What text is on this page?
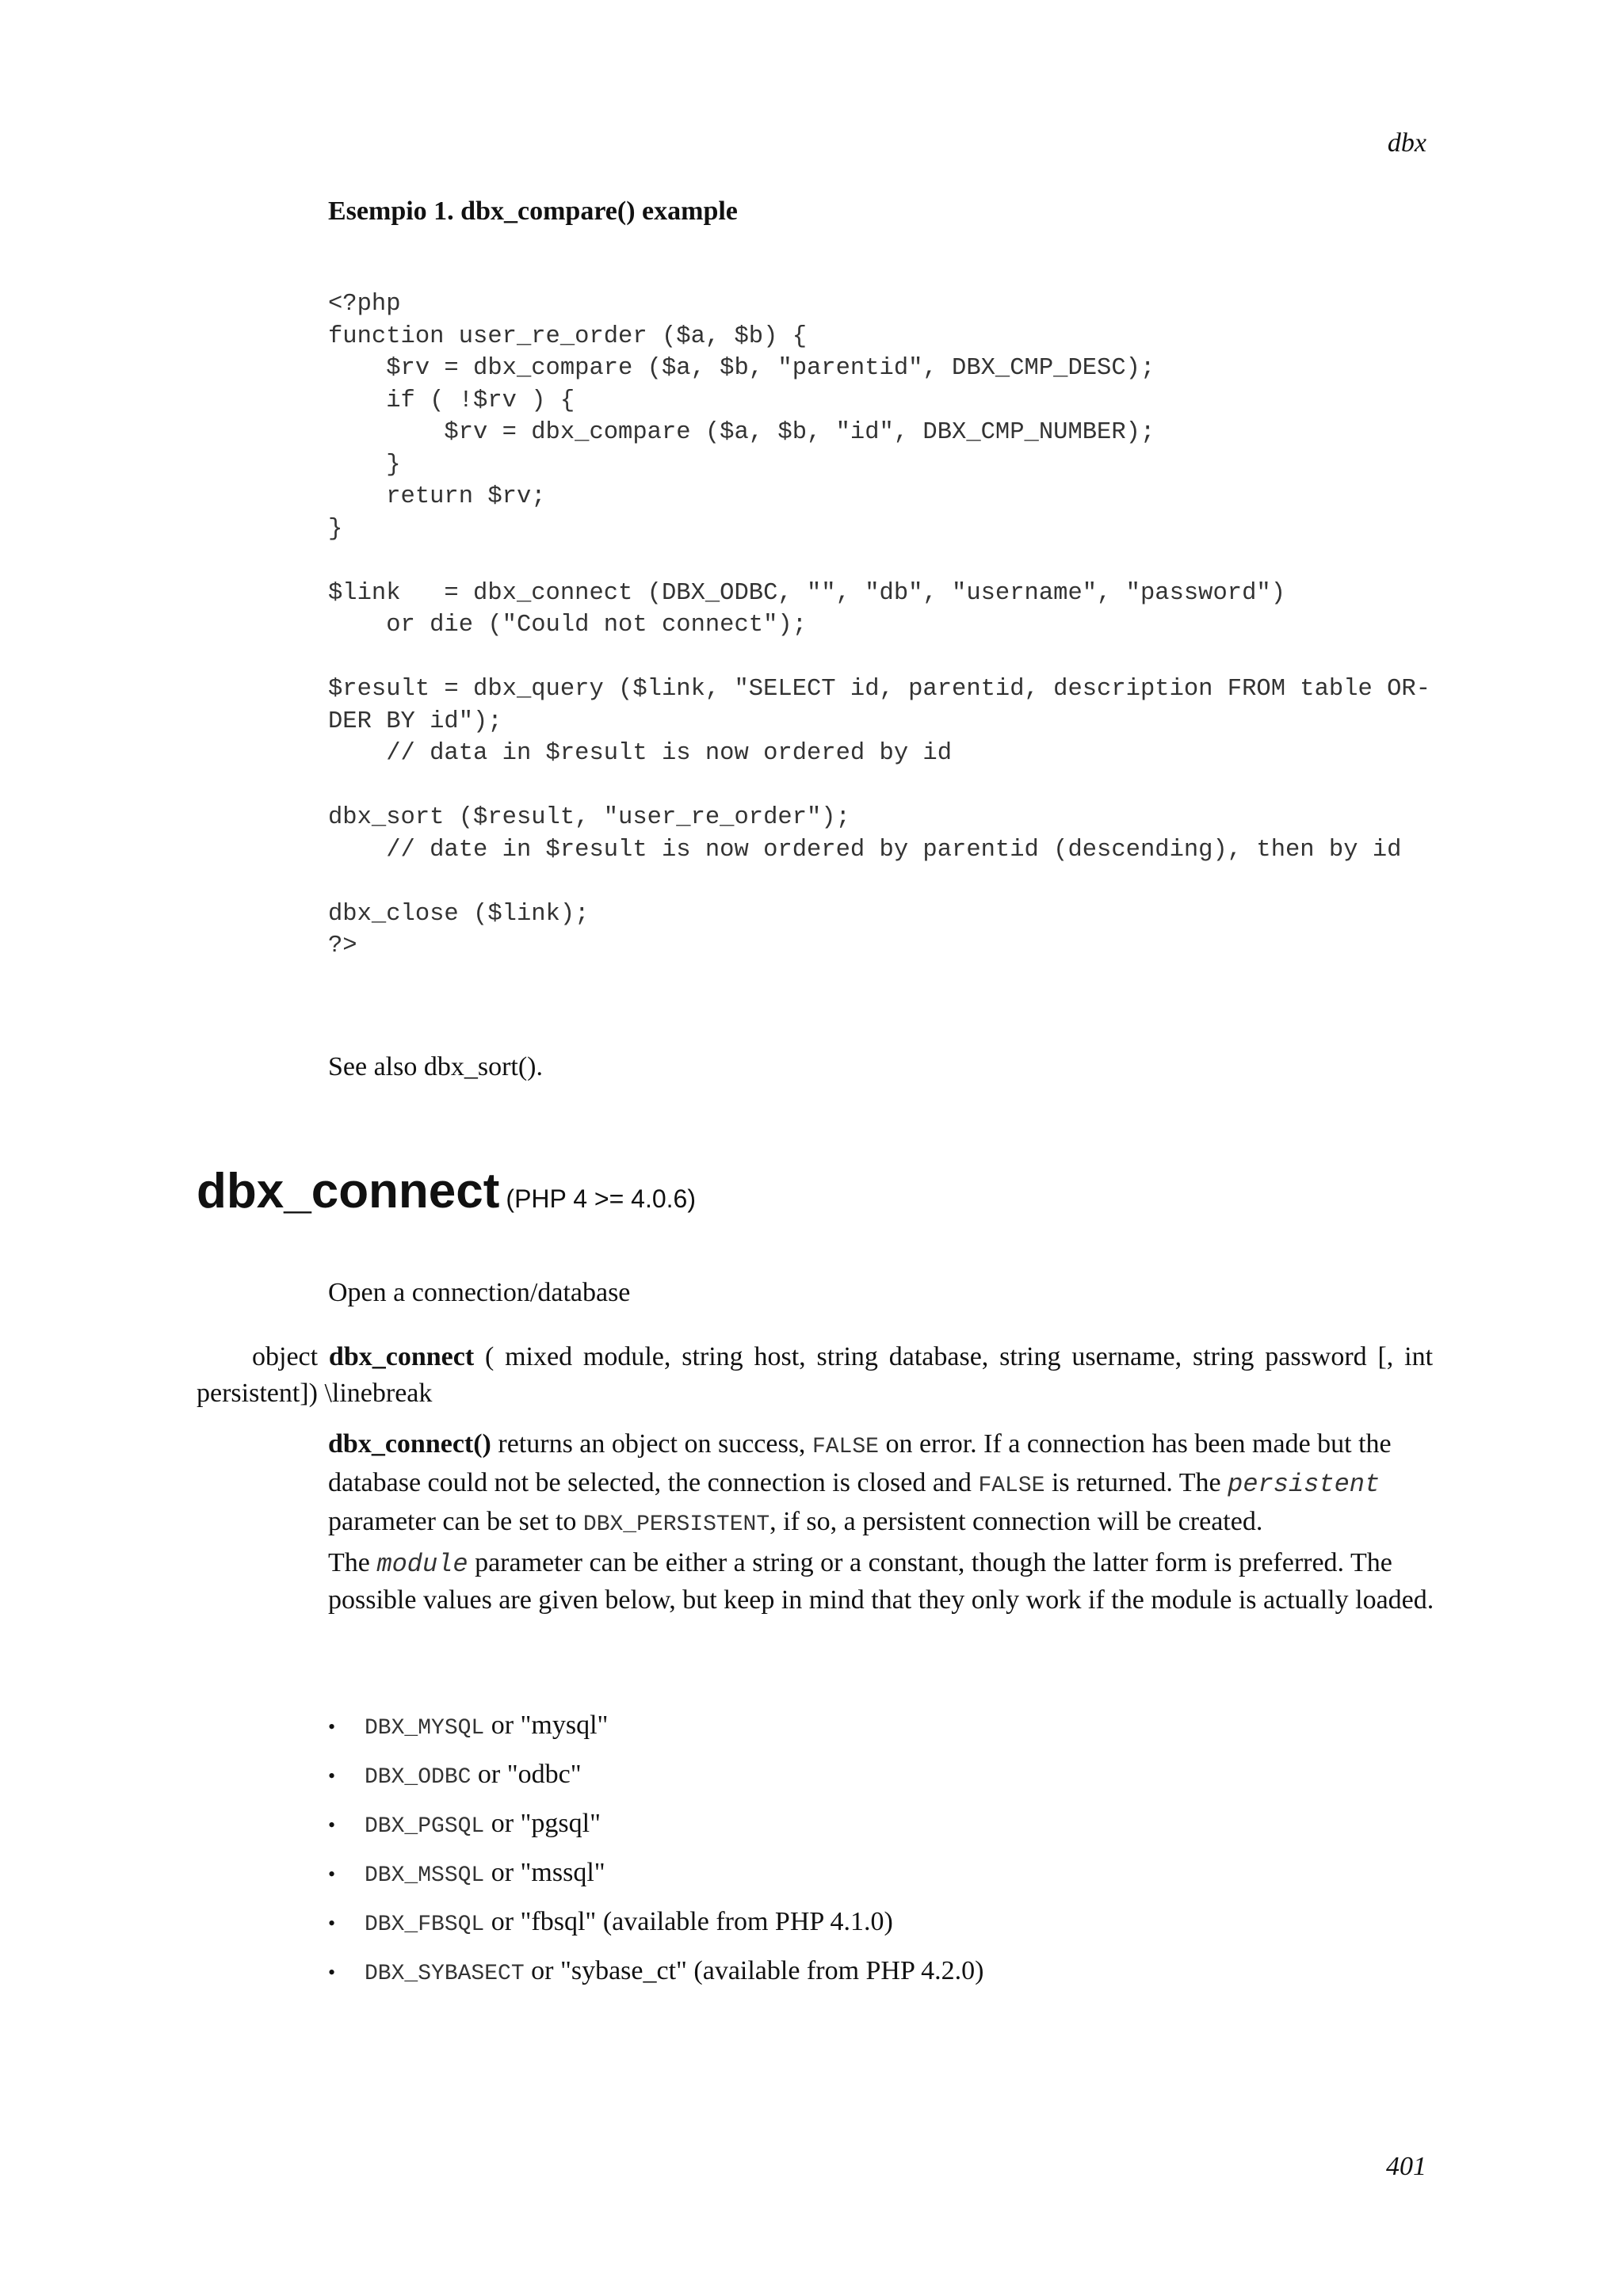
dbx
Esempio 1. dbx_compare() example
<?php
function user_re_order ($a, $b) {
$rv = dbx_compare ($a, $b, "parentid", DBX_CMP_DESC);
if ( !$rv ) {
$rv = dbx_compare ($a, $b, "id", DBX_CMP_NUMBER);
}
return $rv;
}

$link   = dbx_connect (DBX_ODBC, "", "db", "username", "password")
or die ("Could not connect");

$result = dbx_query ($link, "SELECT id, parentid, description FROM table OR-
DER BY id");
// data in $result is now ordered by id

dbx_sort ($result, "user_re_order");
// date in $result is now ordered by parentid (descending), then by id

dbx_close ($link);
?>
See also dbx_sort().
dbx_connect (PHP 4 >= 4.0.6)
Open a connection/database
object dbx_connect ( mixed module, string host, string database, string username, string password [, int persistent]) \linebreak
dbx_connect() returns an object on success, FALSE on error. If a connection has been made but the database could not be selected, the connection is closed and FALSE is returned. The persistent parameter can be set to DBX_PERSISTENT, if so, a persistent connection will be created.
The module parameter can be either a string or a constant, though the latter form is preferred. The possible values are given below, but keep in mind that they only work if the module is actually loaded.
• DBX_MYSQL or "mysql"
• DBX_ODBC or "odbc"
• DBX_PGSQL or "pgsql"
• DBX_MSSQL or "mssql"
• DBX_FBSQL or "fbsql" (available from PHP 4.1.0)
• DBX_SYBASECT or "sybase_ct" (available from PHP 4.2.0)
401
